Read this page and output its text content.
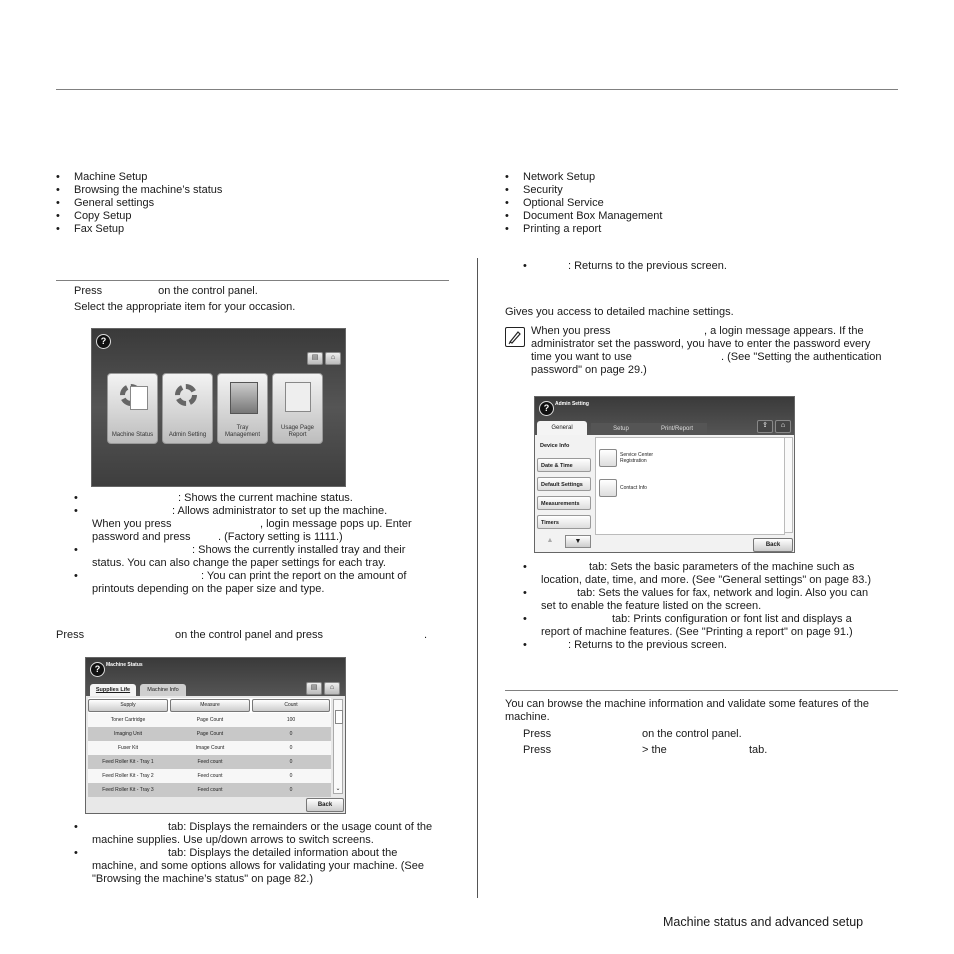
• Machine Setup
• Browsing the machine’s status
• General settings
• Copy Setup
• Fax Setup
• Network Setup
• Security
• Optional Service
• Document Box Management
• Printing a report
Press	on the control panel.
Select the appropriate item for your occasion.
?
▤	⌂
Machine Status	Admin Setting
Tray
Management
Usage Page
Report
•	: Shows the current machine status.
•	: Allows administrator to set up the machine.
When you press	, login message pops up. Enter
password and press	. (Factory setting is 1111.)
•	: Shows the currently installed tray and their
status. You can also change the paper settings for each tray.
•	: You can print the report on the amount of
printouts depending on the paper size and type.
Press	on the control panel and press	.
?	Machine Status
▤	⌂
Supplies Life	Machine Info
Supply	Measure	Count
Toner Cartridge	Page Count	100
Imaging Unit	Page Count	0
Fuser Kit	Image Count	0
Feed Roller Kit - Tray 1	Feed count	0
Feed Roller Kit - Tray 2	Feed count	0
Feed Roller Kit - Tray 3	Feed count	0	⌄
Back
•	tab: Displays the remainders or the usage count of the
machine supplies. Use up/down arrows to switch screens.
•	tab: Displays the detailed information about the
machine, and some options allows for validating your machine. (See
"Browsing the machine’s status" on page 82.)
•	: Returns to the previous screen.
Gives you access to detailed machine settings.
When you press	, a login message appears. If the
administrator set the password, you have to enter the password every
time you want to use	. (See "Setting the authentication
password" on page 29.)
?	Admin Setting
General	Setup	Print/Report	⇪	⌂
Device Info
Date & Time
Default Settings
Measurements
Timers
▲	▼
Service Center
Registration
Contact Info
Back
•	tab: Sets the basic parameters of the machine such as
location, date, time, and more. (See "General settings" on page 83.)
•	tab: Sets the values for fax, network and login. Also you can
set to enable the feature listed on the screen.
•	tab: Prints configuration or font list and displays a
report of machine features. (See "Printing a report" on page 91.)
•	: Returns to the previous screen.
You can browse the machine information and validate some features of the
machine.
Press	on the control panel.
Press	> the	tab.
Machine status and advanced setup
